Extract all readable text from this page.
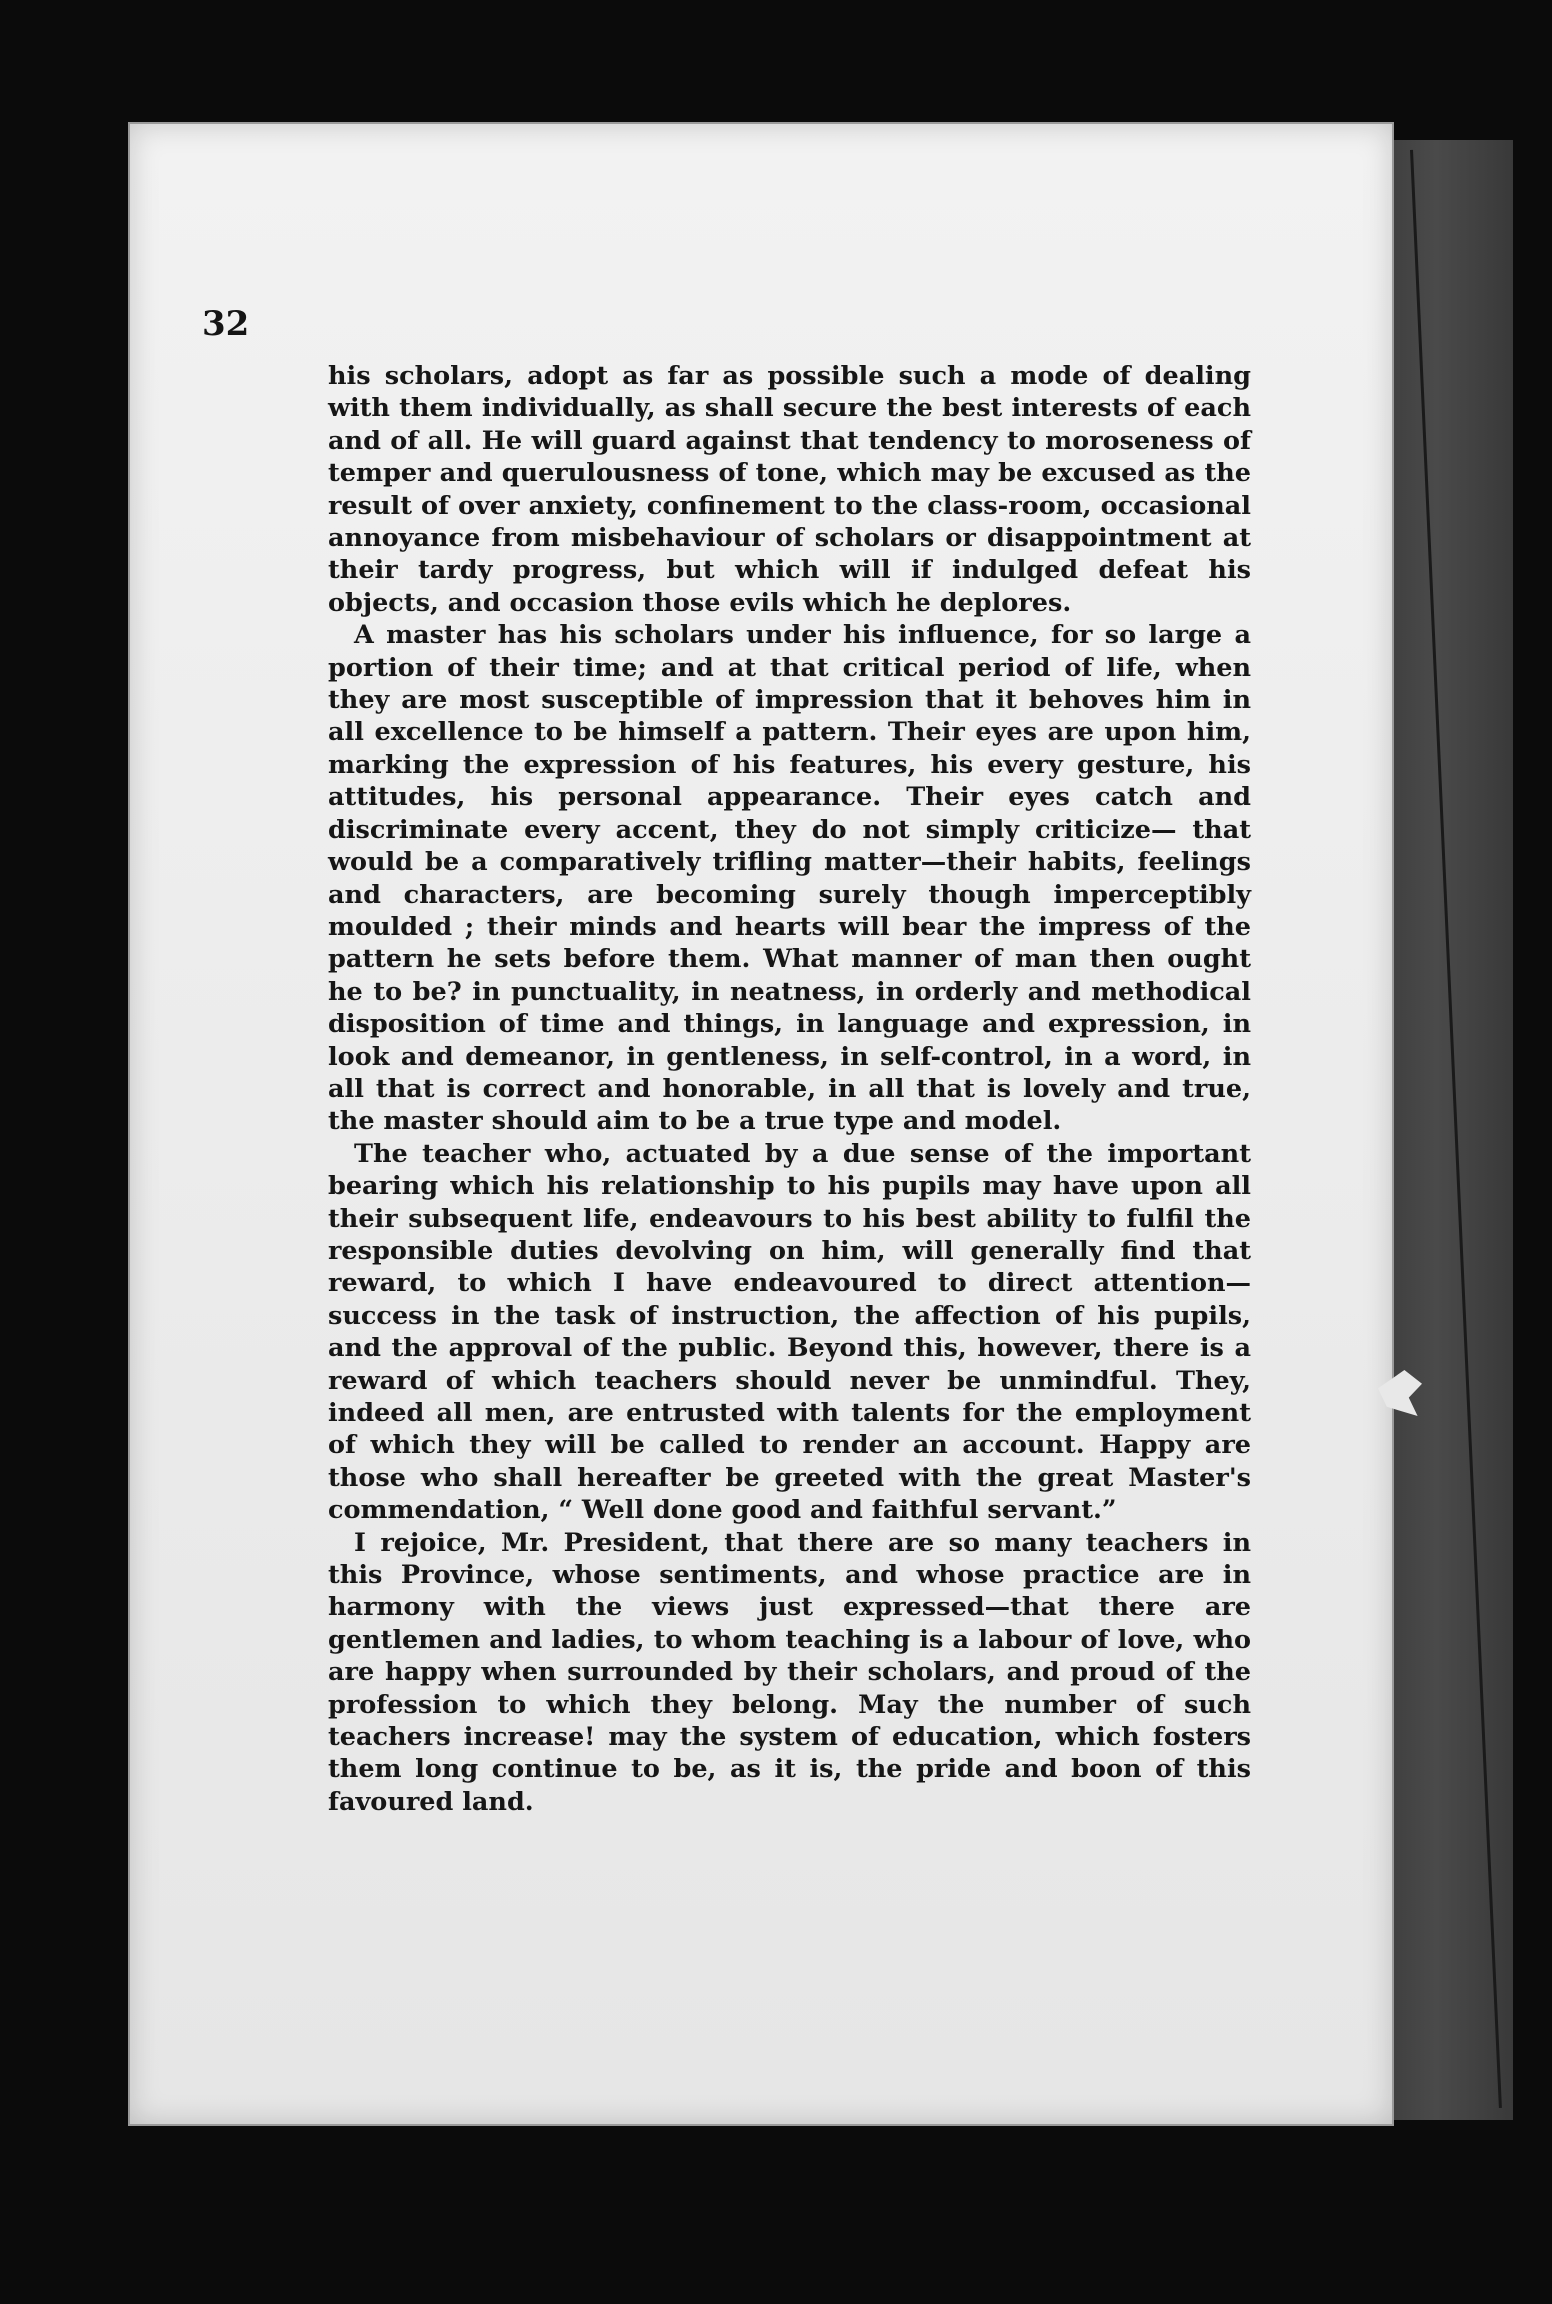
32

his scholars, adopt as far as possible such a mode of dealing with them individually, as shall secure the best interests of each and of all. He will guard against that tendency to moroseness of temper and querulousness of tone, which may be excused as the result of over anxiety, confinement to the class-room, occasional annoyance from misbehaviour of scholars or disappointment at their tardy progress, but which will if indulged defeat his objects, and occasion those evils which he deplores.

A master has his scholars under his influence, for so large a portion of their time; and at that critical period of life, when they are most susceptible of impression that it behoves him in all excellence to be himself a pattern. Their eyes are upon him, marking the expression of his features, his every gesture, his attitudes, his personal appearance. Their eyes catch and discriminate every accent, they do not simply criticize— that would be a comparatively trifling matter—their habits, feelings and characters, are becoming surely though imperceptibly moulded ; their minds and hearts will bear the impress of the pattern he sets before them. What manner of man then ought he to be? in punctuality, in neatness, in orderly and methodical disposition of time and things, in language and expression, in look and demeanor, in gentleness, in self-control, in a word, in all that is correct and honorable, in all that is lovely and true, the master should aim to be a true type and model.

The teacher who, actuated by a due sense of the important bearing which his relationship to his pupils may have upon all their subsequent life, endeavours to his best ability to fulfil the responsible duties devolving on him, will generally find that reward, to which I have endeavoured to direct attention—success in the task of instruction, the affection of his pupils, and the approval of the public. Beyond this, however, there is a reward of which teachers should never be unmindful. They, indeed all men, are entrusted with talents for the employment of which they will be called to render an account. Happy are those who shall hereafter be greeted with the great Master's commendation, “ Well done good and faithful servant.”

I rejoice, Mr. President, that there are so many teachers in this Province, whose sentiments, and whose practice are in harmony with the views just expressed—that there are gentlemen and ladies, to whom teaching is a labour of love, who are happy when surrounded by their scholars, and proud of the profession to which they belong. May the number of such teachers increase! may the system of education, which fosters them long continue to be, as it is, the pride and boon of this favoured land.
